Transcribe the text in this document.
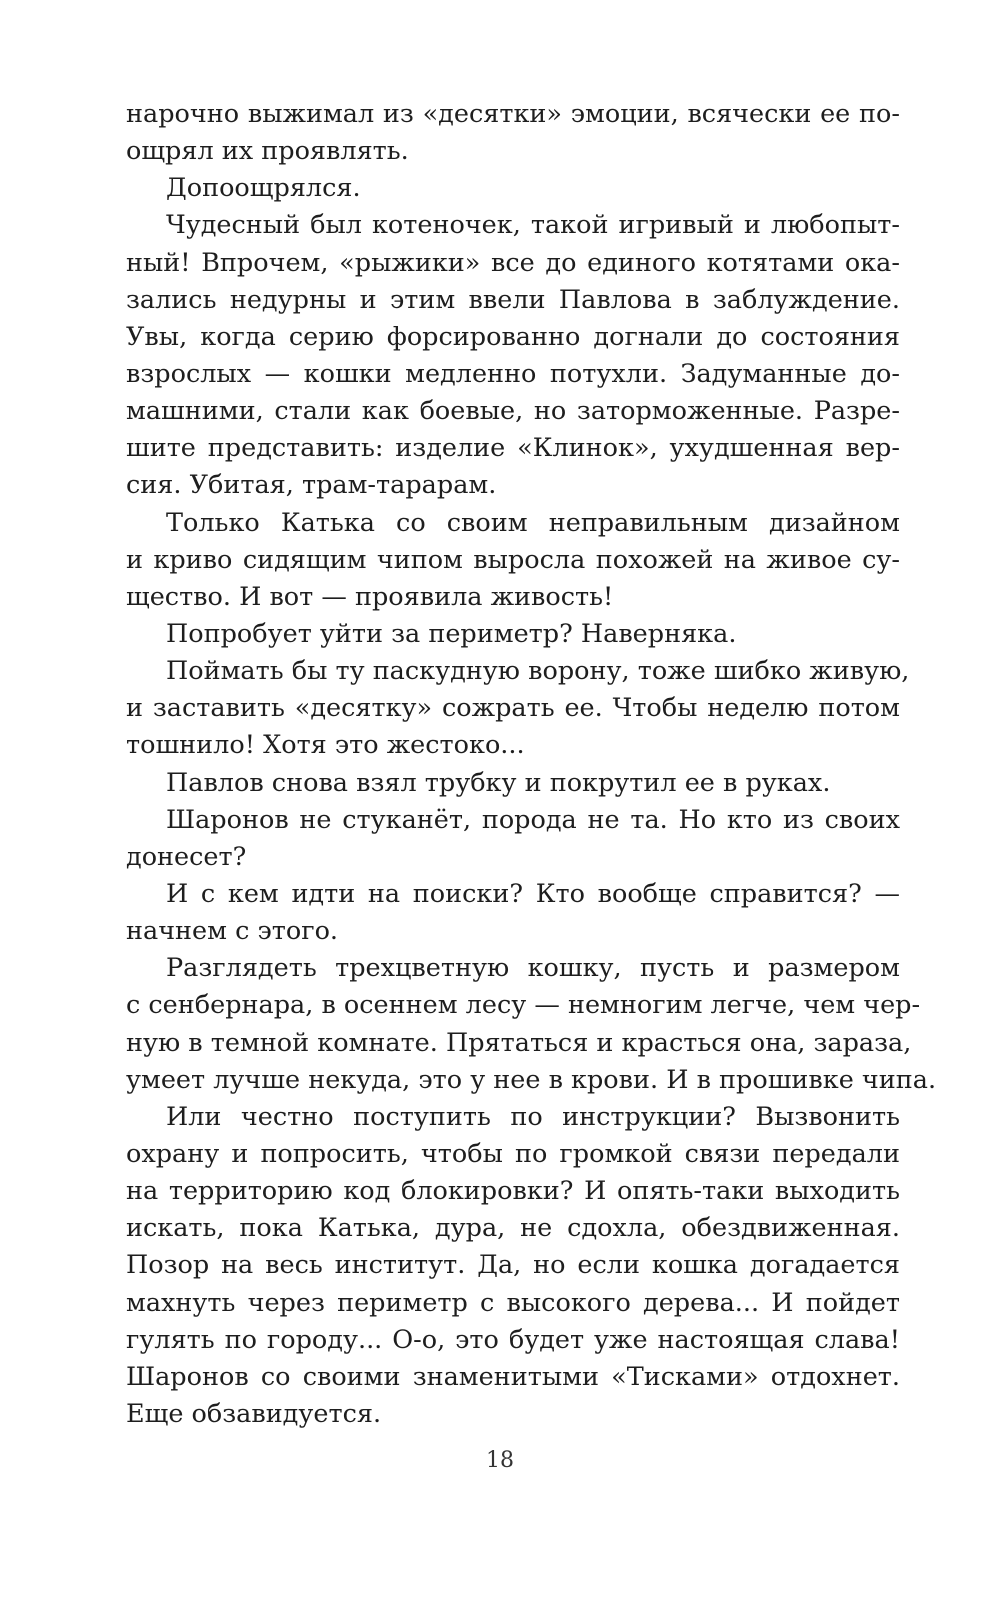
нарочно выжимал из «десятки» эмоции, всячески ее по-
ощрял их проявлять.
Допоощрялся.
Чудесный был котеночек, такой игривый и любопыт-
ный! Впрочем, «рыжики» все до единого котятами ока-
зались недурны и этим ввели Павлова в заблуждение.
Увы, когда серию форсированно догнали до состояния
взрослых — кошки медленно потухли. Задуманные до-
машними, стали как боевые, но заторможенные. Разре-
шите представить: изделие «Клинок», ухудшенная вер-
сия. Убитая, трам-тарарам.
Только Катька со своим неправильным дизайном
и криво сидящим чипом выросла похожей на живое су-
щество. И вот — проявила живость!
Попробует уйти за периметр? Наверняка.
Поймать бы ту паскудную ворону, тоже шибко живую,
и заставить «десятку» сожрать ее. Чтобы неделю потом
тошнило! Хотя это жестоко...
Павлов снова взял трубку и покрутил ее в руках.
Шаронов не стуканёт, порода не та. Но кто из своих
донесет?
И с кем идти на поиски? Кто вообще справится? —
начнем с этого.
Разглядеть трехцветную кошку, пусть и размером
с сенбернара, в осеннем лесу — немногим легче, чем чер-
ную в темной комнате. Прятаться и красться она, зараза,
умеет лучше некуда, это у нее в крови. И в прошивке чипа.
Или честно поступить по инструкции? Вызвонить
охрану и попросить, чтобы по громкой связи передали
на территорию код блокировки? И опять-таки выходить
искать, пока Катька, дура, не сдохла, обездвиженная.
Позор на весь институт. Да, но если кошка догадается
махнуть через периметр с высокого дерева... И пойдет
гулять по городу... О-о, это будет уже настоящая слава!
Шаронов со своими знаменитыми «Тисками» отдохнет.
Еще обзавидуется.
18
